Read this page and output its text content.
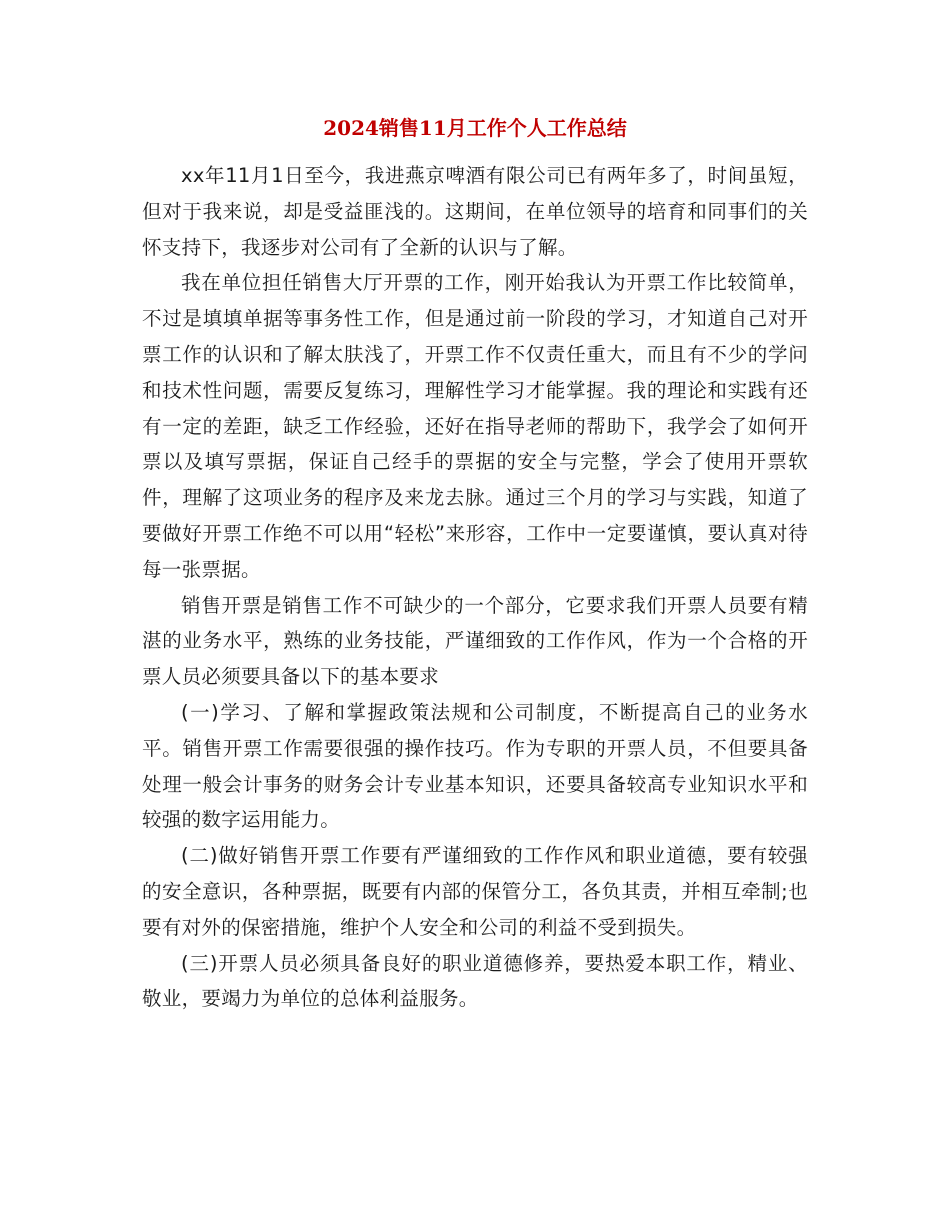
2024销售11月工作个人工作总结

xx年11月1日至今，我进燕京啤酒有限公司已有两年多了，时间虽短，但对于我来说，却是受益匪浅的。这期间，在单位领导的培育和同事们的关怀支持下，我逐步对公司有了全新的认识与了解。

我在单位担任销售大厅开票的工作，刚开始我认为开票工作比较简单，不过是填填单据等事务性工作，但是通过前一阶段的学习，才知道自己对开票工作的认识和了解太肤浅了，开票工作不仅责任重大，而且有不少的学问和技术性问题，需要反复练习，理解性学习才能掌握。我的理论和实践有还有一定的差距，缺乏工作经验，还好在指导老师的帮助下，我学会了如何开票以及填写票据，保证自己经手的票据的安全与完整，学会了使用开票软件，理解了这项业务的程序及来龙去脉。通过三个月的学习与实践，知道了要做好开票工作绝不可以用“轻松”来形容，工作中一定要谨慎，要认真对待每一张票据。

销售开票是销售工作不可缺少的一个部分，它要求我们开票人员要有精湛的业务水平，熟练的业务技能，严谨细致的工作作风，作为一个合格的开票人员必须要具备以下的基本要求

(一)学习、了解和掌握政策法规和公司制度，不断提高自己的业务水平。销售开票工作需要很强的操作技巧。作为专职的开票人员，不但要具备处理一般会计事务的财务会计专业基本知识，还要具备较高专业知识水平和较强的数字运用能力。

(二)做好销售开票工作要有严谨细致的工作作风和职业道德，要有较强的安全意识，各种票据，既要有内部的保管分工，各负其责，并相互牵制;也要有对外的保密措施，维护个人安全和公司的利益不受到损失。

(三)开票人员必须具备良好的职业道德修养，要热爱本职工作，精业、敬业，要竭力为单位的总体利益服务。
